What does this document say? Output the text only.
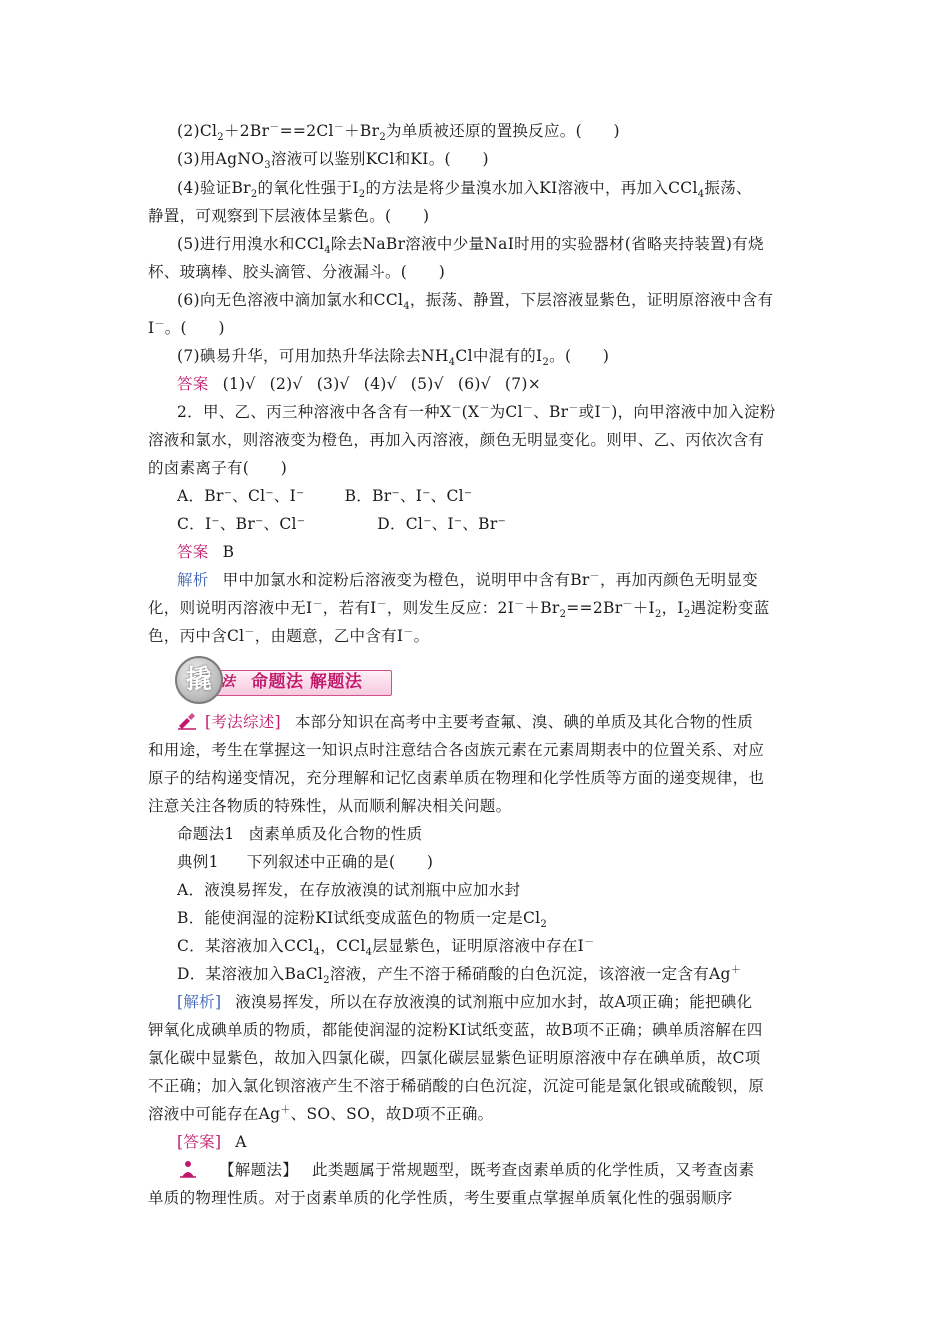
$(2)Cl_2+2Br^-==2Cl^-+Br_2$为单质被还原的置换反应。(　　)

(3)用AgNO$_3$溶液可以鉴别KCl和KI。(　　)

(4)验证$Br_2$的氧化性强于$I_2$的方法是将少量溴水加入KI溶液中，再加入CCl$_4$振荡、

静置，可观察到下层液体呈紫色。(　　)

(5)进行用溴水和CCl$_4$除去NaBr溶液中少量NaI时用的实验器材(省略夹持装置)有烧

杯、玻璃棒、胶头滴管、分液漏斗。(　　)

(6)向无色溶液中滴加氯水和CCl$_4$，振荡、静置，下层溶液显紫色，证明原溶液中含有

I－。(　　)

(7)碘易升华，可用加热升华法除去$NH_4Cl$中混有的$I_2$。(　　)

答案 (1)√ (2)√ (3)√ (4)√ (5)√ (6)√ (7)×

2．甲、乙、丙三种溶液中各含有一种X－(X－为Cl－、Br－或I－)，向甲溶液中加入淀粉

溶液和氯水，则溶液变为橙色，再加入丙溶液，颜色无明显变化。则甲、乙、丙依次含有

的卤素离子有(　　)

A．Br⁻、Cl⁻、I⁻	B．Br⁻、I⁻、Cl⁻

C．I⁻、Br⁻、Cl⁻	D．Cl⁻、I⁻、Br⁻

答案 B

解析 甲中加氯水和淀粉后溶液变为橙色，说明甲中含有Br－，再加丙颜色无明显变

化，则说明丙溶液中无I－，若有I－，则发生反应：$2I^-+Br_2==2Br^-+I_2$，$I_2$遇淀粉变蓝

色，丙中含Cl－，由题意，乙中含有I－。

撬 法 命题法 解题法

[考法综述] 本部分知识在高考中主要考查氟、溴、碘的单质及其化合物的性质

和用途，考生在掌握这一知识点时注意结合各卤族元素在元素周期表中的位置关系、对应

原子的结构递变情况，充分理解和记忆卤素单质在物理和化学性质等方面的递变规律，也

注意关注各物质的特殊性，从而顺利解决相关问题。

命题法1 卤素单质及化合物的性质

典例1 下列叙述中正确的是(　　)

A．液溴易挥发，在存放液溴的试剂瓶中应加水封

B．能使润湿的淀粉KI试纸变成蓝色的物质一定是$Cl_2$

C．某溶液加入CCl$_4$，CCl$_4$层显紫色，证明原溶液中存在I－

D．某溶液加入BaCl$_2$溶液，产生不溶于稀硝酸的白色沉淀，该溶液一定含有Ag＋

[解析] 液溴易挥发，所以在存放液溴的试剂瓶中应加水封，故A项正确；能把碘化

钾氧化成碘单质的物质，都能使润湿的淀粉KI试纸变蓝，故B项不正确；碘单质溶解在四

氯化碳中显紫色，故加入四氯化碳，四氯化碳层显紫色证明原溶液中存在碘单质，故C项

不正确；加入氯化钡溶液产生不溶于稀硝酸的白色沉淀，沉淀可能是氯化银或硫酸钡，原

溶液中可能存在Ag＋、SO、SO，故D项不正确。

[答案] A

【解题法】 此类题属于常规题型，既考查卤素单质的化学性质，又考查卤素

单质的物理性质。对于卤素单质的化学性质，考生要重点掌握单质氧化性的强弱顺序
